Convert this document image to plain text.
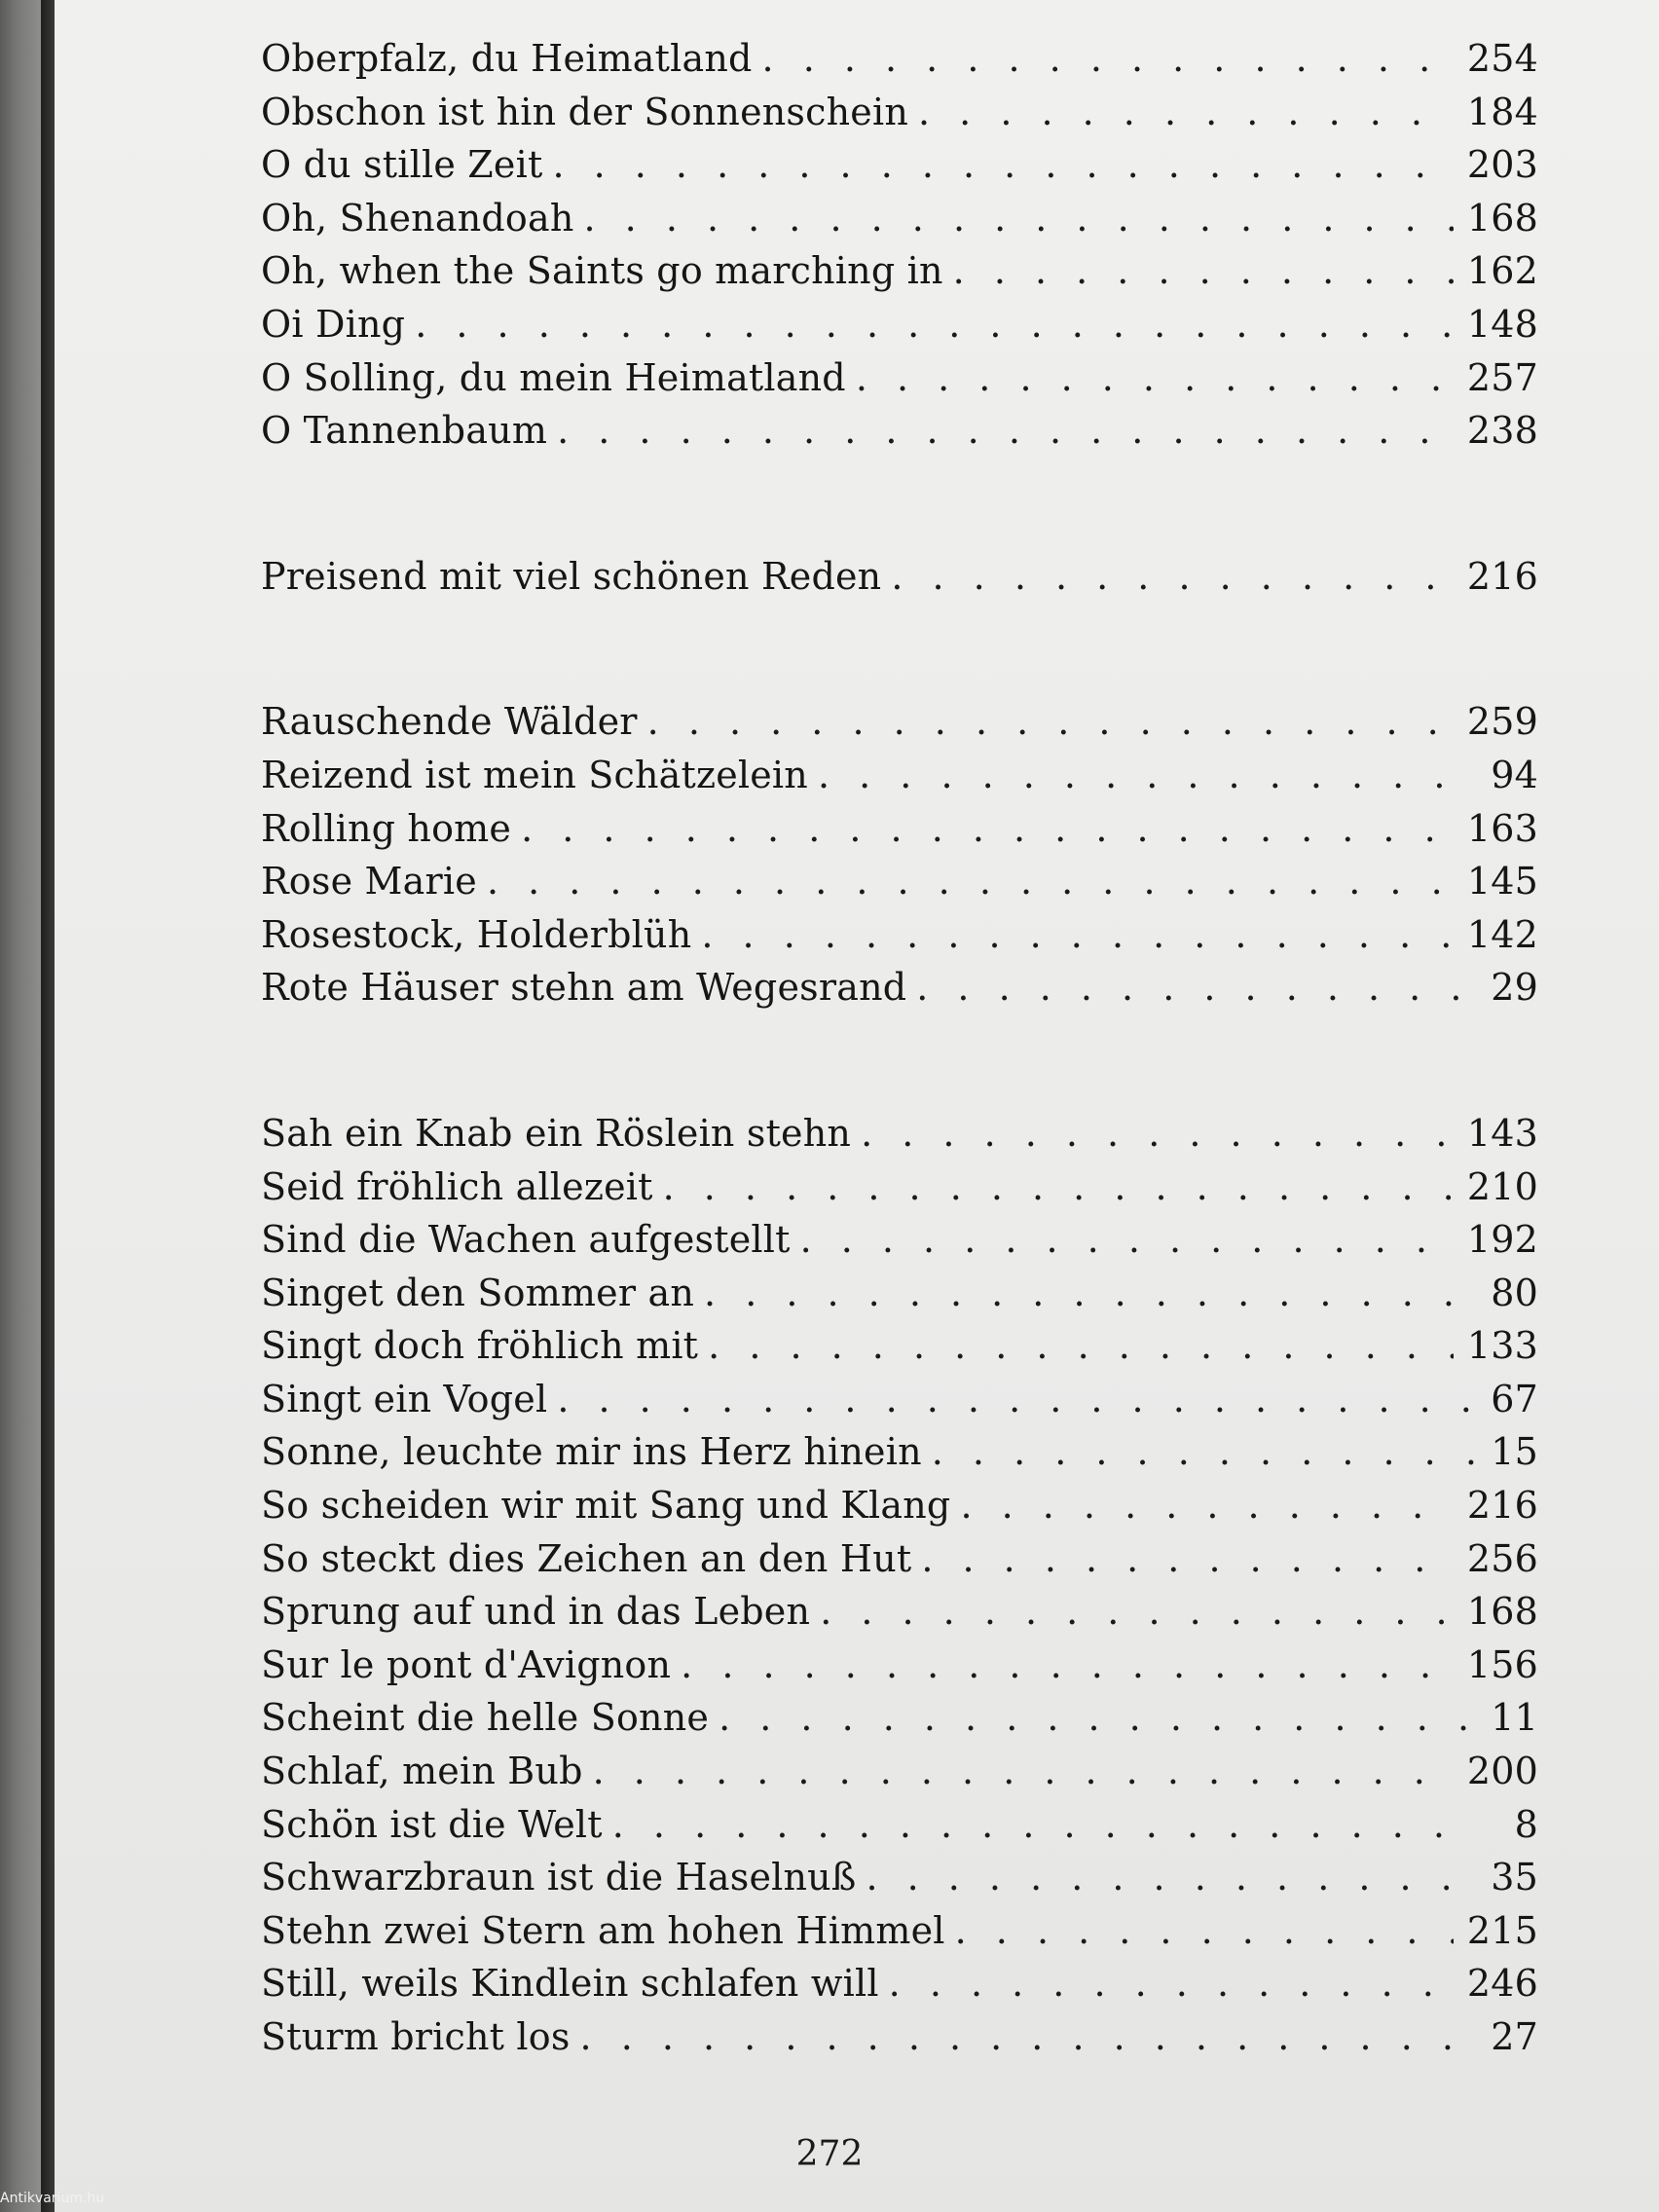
Oberpfalz, du Heimatland . . .	254
Obschon ist hin der Sonnenschein . . .	184
O du stille Zeit . . .	203
Oh, Shenandoah . . .	168
Oh, when the Saints go marching in . . .	162
Oi Ding . . .	148
O Solling, du mein Heimatland . . .	257
O Tannenbaum . . .	238
Preisend mit viel schönen Reden . . .	216
Rauschende Wälder . . .	259
Reizend ist mein Schätzelein . . .	94
Rolling home . . .	163
Rose Marie . . .	145
Rosestock, Holderblüh . . .	142
Rote Häuser stehn am Wegesrand . . .	29
Sah ein Knab ein Röslein stehn . . .	143
Seid fröhlich allezeit . . .	210
Sind die Wachen aufgestellt . . .	192
Singet den Sommer an . . .	80
Singt doch fröhlich mit . . .	133
Singt ein Vogel . . .	67
Sonne, leuchte mir ins Herz hinein . . .	15
So scheiden wir mit Sang und Klang . . .	216
So steckt dies Zeichen an den Hut . . .	256
Sprung auf und in das Leben . . .	168
Sur le pont d'Avignon . . .	156
Scheint die helle Sonne . . .	11
Schlaf, mein Bub . . .	200
Schön ist die Welt . . .	8
Schwarzbraun ist die Haselnuß . . .	35
Stehn zwei Stern am hohen Himmel . . .	215
Still, weils Kindlein schlafen will . . .	246
Sturm bricht los . . .	27
272
Antikvarium.hu
